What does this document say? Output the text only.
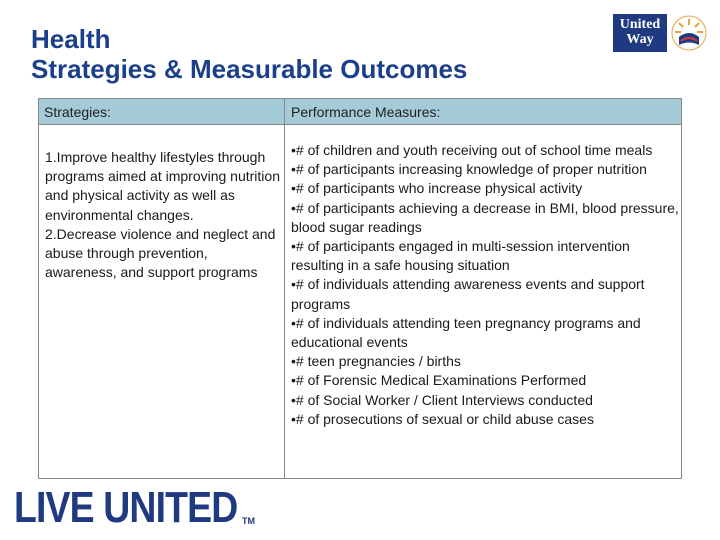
Health
Strategies & Measurable Outcomes
United
Way
Strategies:	Performance Measures:

1.Improve healthy lifestyles through programs aimed at improving nutrition and physical activity as well as environmental changes.

2.Decrease violence and neglect and abuse through prevention, awareness, and support programs

•# of children and youth receiving out of school time meals

•# of participants increasing knowledge of proper nutrition

•# of participants who increase physical activity

•# of participants achieving a decrease in BMI, blood pressure, blood sugar readings

•# of participants engaged in multi-session intervention resulting in a safe housing situation

•# of individuals attending awareness events and support programs

•# of individuals attending teen pregnancy programs and educational events

•# teen pregnancies / births

•# of Forensic Medical Examinations Performed

•# of Social Worker / Client Interviews conducted

•# of prosecutions of sexual or child abuse cases

LIVE UNITED TM
